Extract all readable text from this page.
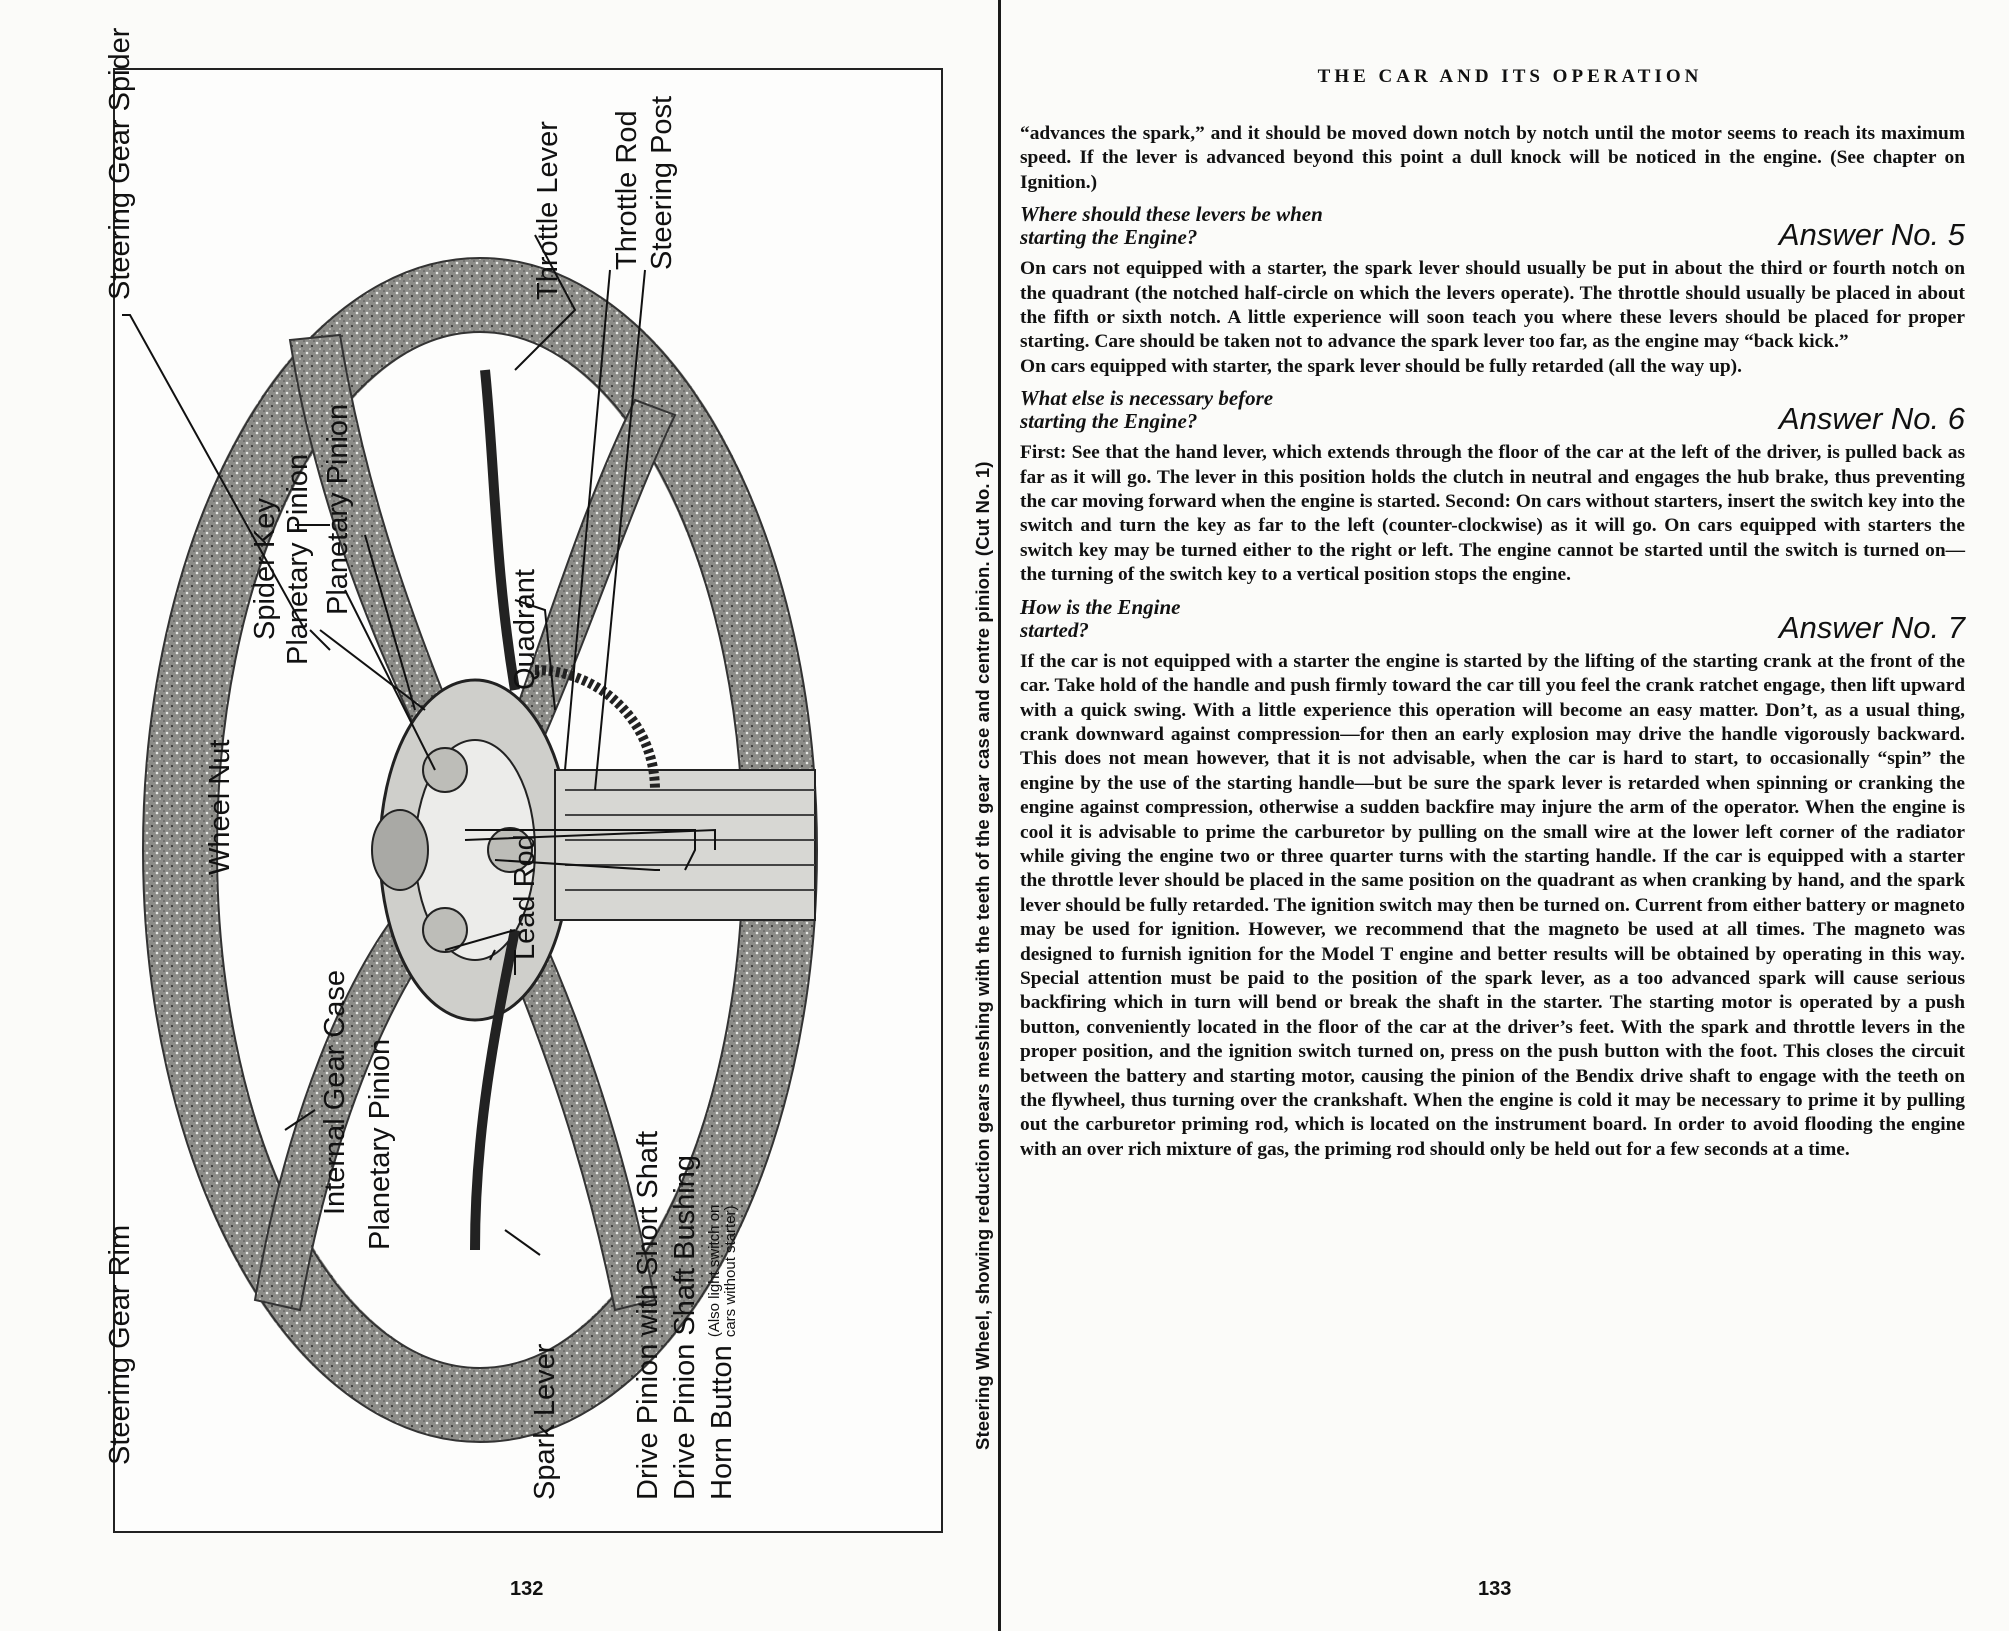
Steering Gear Spider
Steering Gear Rim
Wheel Nut
Spider Key Planetary Pinion Planetary Pinion
Internal Gear Case Planetary Pinion
Quadrant
Lead Rod
Spark Lever
Throttle Lever Throttle Rod Steering Post
Drive Pinion with Short Shaft Drive Pinion Shaft Bushing Horn Button (Also light switch on
cars without starter)	Steering Wheel, showing reduction gears meshing with the teeth of the gear case and centre pinion. (Cut No. 1)
132
THE CAR AND ITS OPERATION

“advances the spark,” and it should be moved down notch by notch until the motor seems to reach its maximum speed. If the lever is advanced beyond this point a dull knock will be noticed in the engine. (See chapter on Ignition.)

Where should these levers be when
starting the Engine?	Answer No. 5

On cars not equipped with a starter, the spark lever should usually be put in about the third or fourth notch on the quadrant (the notched half-circle on which the levers operate). The throttle should usually be placed in about the fifth or sixth notch. A little experience will soon teach you where these levers should be placed for proper starting. Care should be taken not to advance the spark lever too far, as the engine may “back kick.”

On cars equipped with starter, the spark lever should be fully retarded (all the way up).

What else is necessary before
starting the Engine?	Answer No. 6

First: See that the hand lever, which extends through the floor of the car at the left of the driver, is pulled back as far as it will go. The lever in this position holds the clutch in neutral and engages the hub brake, thus preventing the car moving forward when the engine is started. Second: On cars without starters, insert the switch key into the switch and turn the key as far to the left (counter-clockwise) as it will go. On cars equipped with starters the switch key may be turned either to the right or left. The engine cannot be started until the switch is turned on—the turning of the switch key to a vertical position stops the engine.

How is the Engine
started?	Answer No. 7

If the car is not equipped with a starter the engine is started by the lifting of the starting crank at the front of the car. Take hold of the handle and push firmly toward the car till you feel the crank ratchet engage, then lift upward with a quick swing. With a little experience this operation will become an easy matter. Don’t, as a usual thing, crank downward against compression—for then an early explosion may drive the handle vigorously backward. This does not mean however, that it is not advisable, when the car is hard to start, to occasionally “spin” the engine by the use of the starting handle—but be sure the spark lever is retarded when spinning or cranking the engine against compression, otherwise a sudden backfire may injure the arm of the operator. When the engine is cool it is advisable to prime the carburetor by pulling on the small wire at the lower left corner of the radiator while giving the engine two or three quarter turns with the starting handle. If the car is equipped with a starter the throttle lever should be placed in the same position on the quadrant as when cranking by hand, and the spark lever should be fully retarded. The ignition switch may then be turned on. Current from either battery or magneto may be used for ignition. However, we recommend that the magneto be used at all times. The magneto was designed to furnish ignition for the Model T engine and better results will be obtained by operating in this way. Special attention must be paid to the position of the spark lever, as a too advanced spark will cause serious backfiring which in turn will bend or break the shaft in the starter. The starting motor is operated by a push button, conveniently located in the floor of the car at the driver’s feet. With the spark and throttle levers in the proper position, and the ignition switch turned on, press on the push button with the foot. This closes the circuit between the battery and starting motor, causing the pinion of the Bendix drive shaft to engage with the teeth on the flywheel, thus turning over the crankshaft. When the engine is cold it may be necessary to prime it by pulling out the carburetor priming rod, which is located on the instrument board. In order to avoid flooding the engine with an over rich mixture of gas, the priming rod should only be held out for a few seconds at a time.

133
